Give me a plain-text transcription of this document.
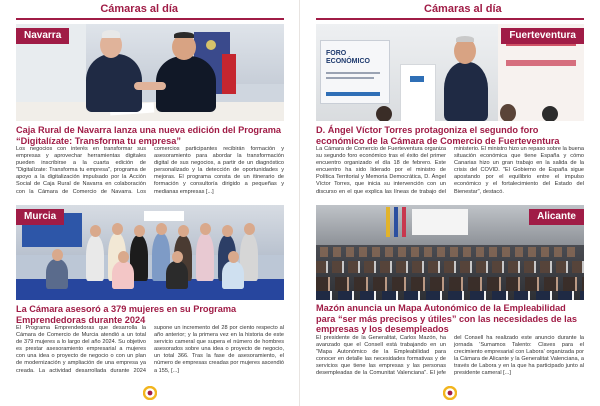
Cámaras al día
Navarra
Caja Rural de Navarra lanza una nueva edición del Programa “Digitalízate: Transforma tu empresa”
Los negocios con interés en transformar sus empresas y aprovechar herramientas digitales pueden inscribirse a la cuarta edición de "Digitalízate: Transforma tu empresa", programa de apoyo a la digitalización impulsado por la Acción Social de Caja Rural de Navarra en colaboración con la Cámara de Comercio de Navarra. Los comercios participantes recibirán formación y asesoramiento para abordar la transformación digital de sus negocios, a partir de un diagnóstico personalizado y la detección de oportunidades y mejoras. El programa consta de un itinerario de formación y consultoría dirigido a pequeñas y medianas empresas [...]
Murcia
La Cámara asesoró a 379 mujeres en su Programa Emprendedoras durante 2024
El Programa Emprendedoras que desarrolla la Cámara de Comercio de Murcia atendió a un total de 379 mujeres a lo largo del año 2024. Su objetivo es prestar asesoramiento empresarial a mujeres con una idea o proyecto de negocio o con un plan de modernización y ampliación de una empresa ya creada. La actividad desarrollada durante 2024 supone un incremento del 28 por ciento respecto al año anterior; y la primera vez en la historia de este servicio cameral que supera el número de hombres asesorados sobre una idea o proyecto de negocio, un total 366. Tras la fase de asesoramiento, el número de empresas creadas por mujeres ascendió a 155, [...]
Cámaras al día
FORO ECONÓMICO
Fuerteventura
D. Ángel Víctor Torres protagoniza el segundo foro económico de la Cámara de Comercio de Fuerteventura
La Cámara de Comercio de Fuerteventura organiza su segundo foro económico tras el éxito del primer encuentro organizado el día 18 de febrero. Este encuentro ha sido liderado por el ministro de Política Territorial y Memoria Democrática, D. Ángel Víctor Torres, que inicia su intervención con un discurso en el que explica las líneas de trabajo del ministerio. El ministro hizo un repaso sobre la buena situación económica que tiene España y cómo Canarias hizo un gran trabajo en la salida de la crisis del COVID. "El Gobierno de España sigue apostando por el equilibrio entre el impulso económico y el fortalecimiento del Estado del Bienestar", destacó.
Alicante
Mazón anuncia un Mapa Autonómico de la Empleabilidad para “ser más precisos y útiles” con las necesidades de las empresas y los desempleados
El presidente de la Generalitat, Carlos Mazón, ha avanzado que el Consell está trabajando en un "Mapa Autonómico de la Empleabilidad para conocer en detalle las necesidades formativas y de servicios que tiene las empresas y las personas desempleadas de la Comunitat Valenciana". El jefe del Consell ha realizado este anuncio durante la jornada 'Sumamos Talento: Claves para el crecimiento empresarial con Labora' organizada por la Cámara de Alicante y la Generalitat Valenciana, a través de Labora y en la que ha participado junto al presidente cameral [...]
